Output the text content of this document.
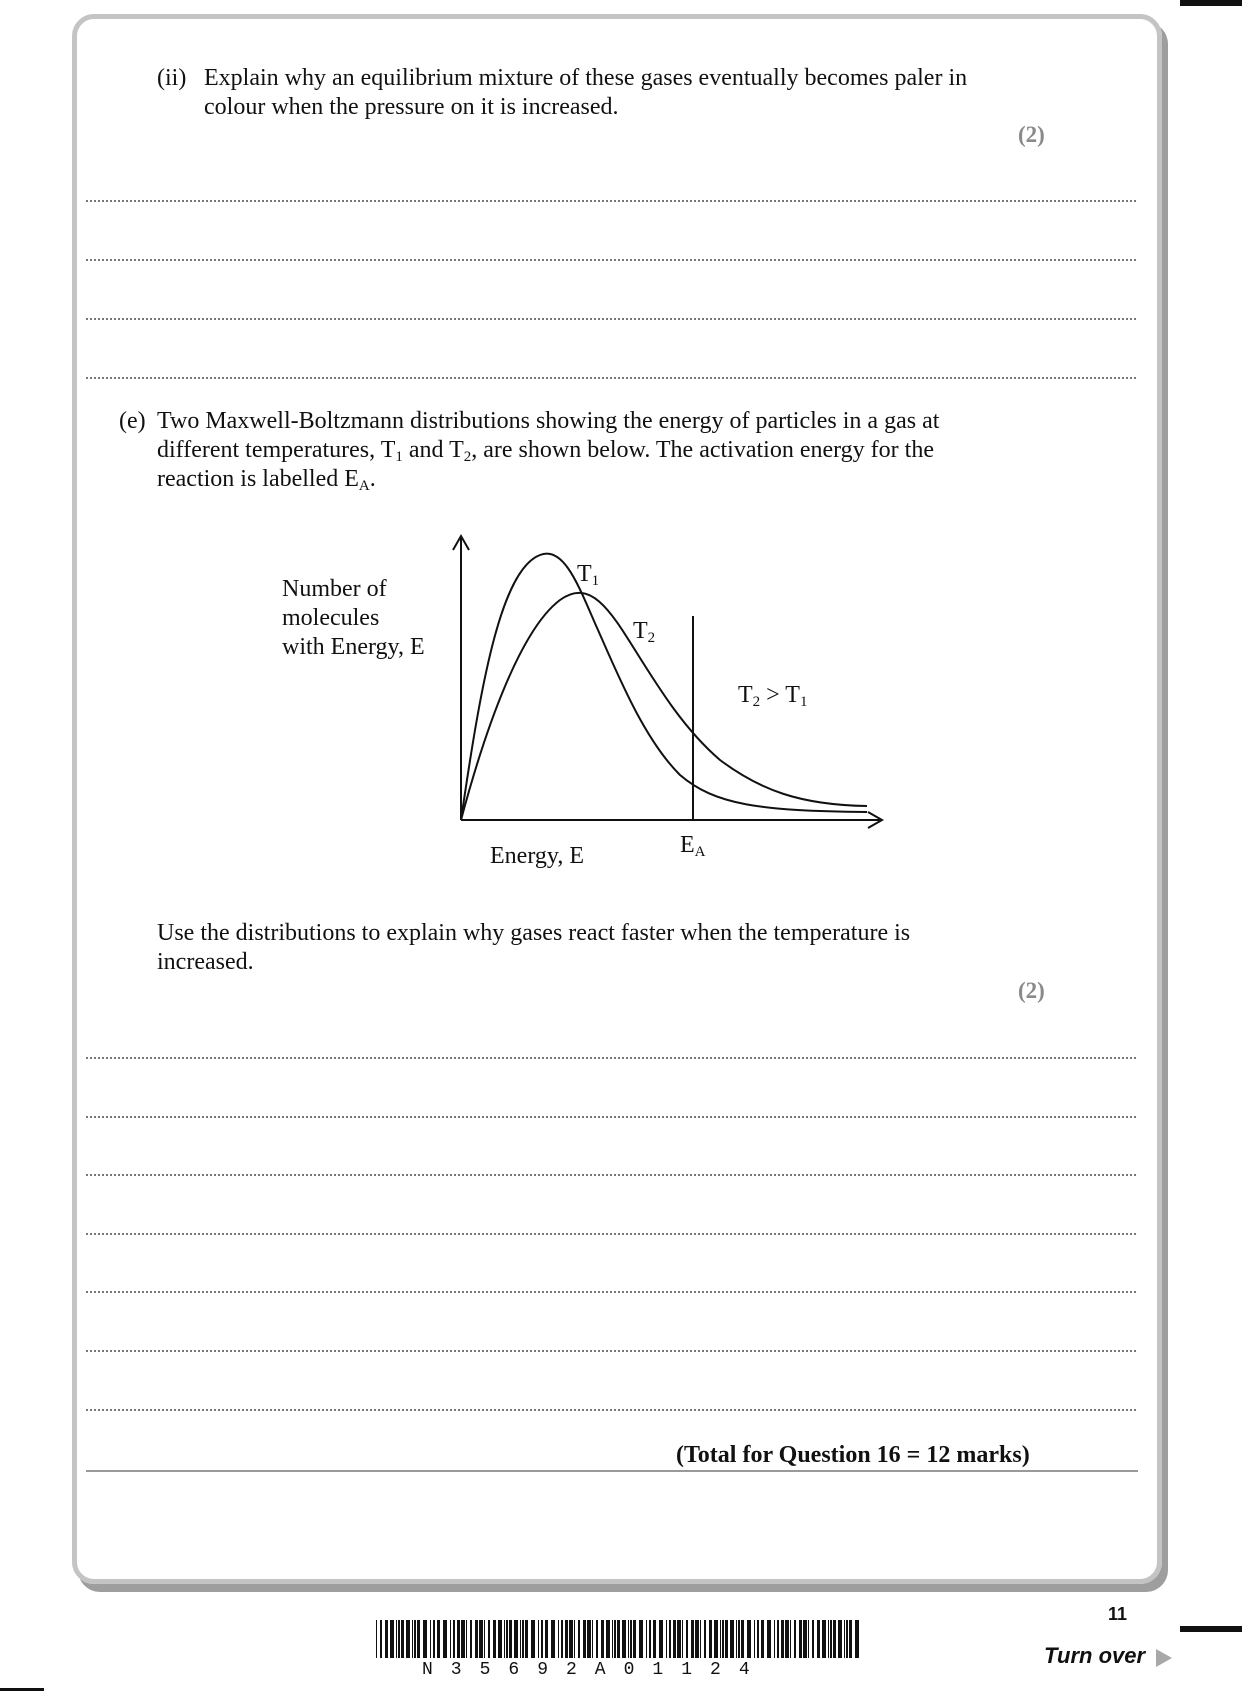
(ii) Explain why an equilibrium mixture of these gases eventually becomes paler in
colour when the pressure on it is increased.
(2)
(e) Two Maxwell-Boltzmann distributions showing the energy of particles in a gas at
different temperatures, $T_1$ and $T_2$, are shown below. The activation energy for the
reaction is labelled $E_A$.
Number of
molecules
with Energy, E
$T_1$
$T_2$
$T_2 > T_1$
Energy, E	$E_A$
Use the distributions to explain why gases react faster when the temperature is
increased.
(2)
(Total for Question 16 = 12 marks)
11
Turn over
N35692A01124
